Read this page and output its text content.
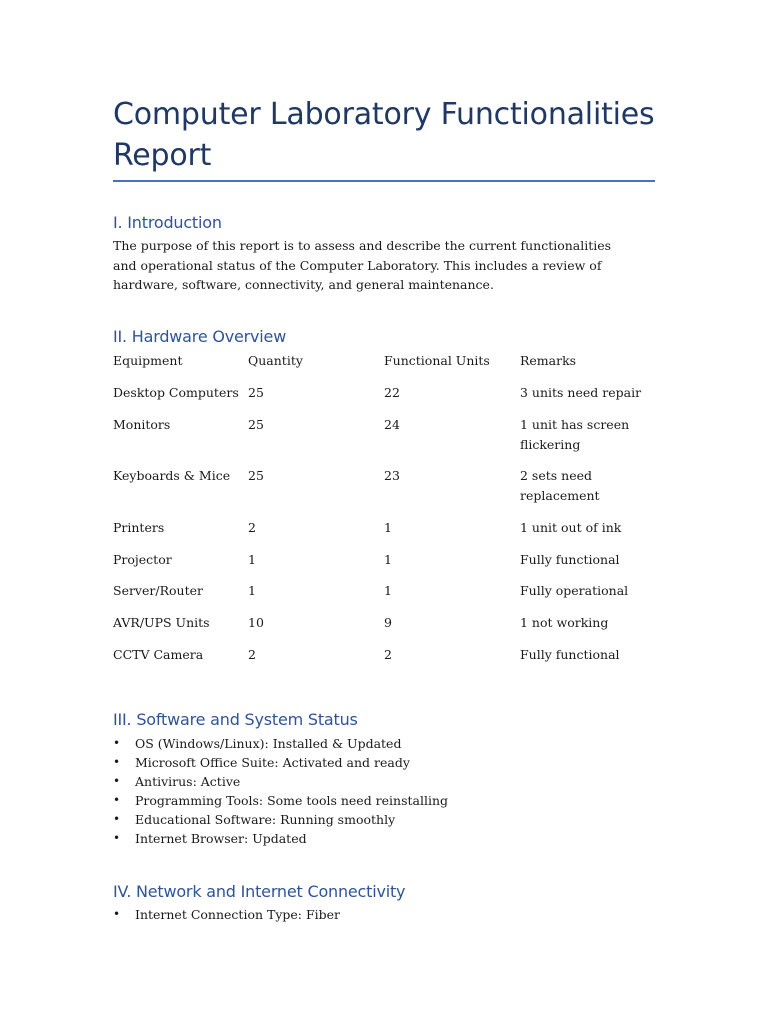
Computer Laboratory Functionalities Report
I. Introduction
The purpose of this report is to assess and describe the current functionalities and operational status of the Computer Laboratory. This includes a review of hardware, software, connectivity, and general maintenance.
II. Hardware Overview
Equipment	Quantity	Functional Units	Remarks
Desktop Computers 25	22	3 units need repair
Monitors	25	24	1 unit has screen flickering
Keyboards & Mice	25	23	2 sets need replacement
Printers	2	1	1 unit out of ink
Projector	1	1	Fully functional
Server/Router	1	1	Fully operational
AVR/UPS Units	10	9	1 not working
CCTV Camera	2	2	Fully functional
III. Software and System Status
• OS (Windows/Linux): Installed & Updated
• Microsoft Office Suite: Activated and ready
• Antivirus: Active
• Programming Tools: Some tools need reinstalling
• Educational Software: Running smoothly
• Internet Browser: Updated
IV. Network and Internet Connectivity
• Internet Connection Type: Fiber
